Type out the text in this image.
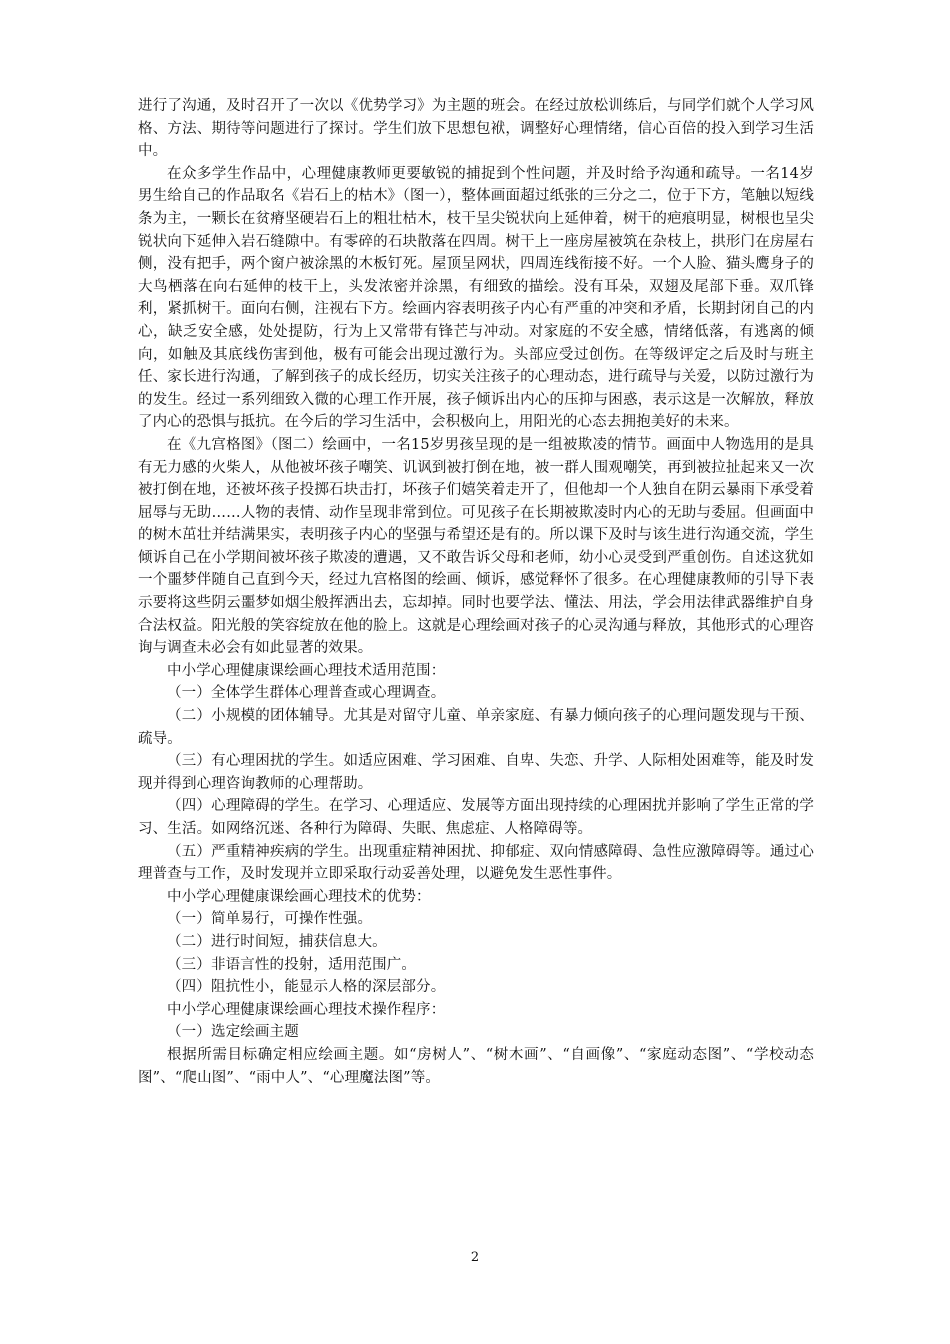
进行了沟通，及时召开了一次以《优势学习》为主题的班会。在经过放松训练后，与同学们就个人学习风格、方法、期待等问题进行了探讨。学生们放下思想包袱，调整好心理情绪，信心百倍的投入到学习生活中。

在众多学生作品中，心理健康教师更要敏锐的捕捉到个性问题，并及时给予沟通和疏导。一名14岁男生给自己的作品取名《岩石上的枯木》（图一），整体画面超过纸张的三分之二，位于下方，笔触以短线条为主，一颗长在贫瘠坚硬岩石上的粗壮枯木，枝干呈尖锐状向上延伸着，树干的疤痕明显，树根也呈尖锐状向下延伸入岩石缝隙中。有零碎的石块散落在四周。树干上一座房屋被筑在杂枝上，拱形门在房屋右侧，没有把手，两个窗户被涂黑的木板钉死。屋顶呈网状，四周连线衔接不好。一个人脸、猫头鹰身子的大鸟栖落在向右延伸的枝干上，头发浓密并涂黑，有细致的描绘。没有耳朵，双翅及尾部下垂。双爪锋利，紧抓树干。面向右侧，注视右下方。绘画内容表明孩子内心有严重的冲突和矛盾，长期封闭自己的内心，缺乏安全感，处处提防，行为上又常带有锋芒与冲动。对家庭的不安全感，情绪低落，有逃离的倾向，如触及其底线伤害到他，极有可能会出现过激行为。头部应受过创伤。在等级评定之后及时与班主任、家长进行沟通，了解到孩子的成长经历，切实关注孩子的心理动态，进行疏导与关爱，以防过激行为的发生。经过一系列细致入微的心理工作开展，孩子倾诉出内心的压抑与困惑，表示这是一次解放，释放了内心的恐惧与抵抗。在今后的学习生活中，会积极向上，用阳光的心态去拥抱美好的未来。

在《九宫格图》（图二）绘画中，一名15岁男孩呈现的是一组被欺凌的情节。画面中人物选用的是具有无力感的火柴人，从他被坏孩子嘲笑、讥讽到被打倒在地，被一群人围观嘲笑，再到被拉扯起来又一次被打倒在地，还被坏孩子投掷石块击打，坏孩子们嬉笑着走开了，但他却一个人独自在阴云暴雨下承受着屈辱与无助……人物的表情、动作呈现非常到位。可见孩子在长期被欺凌时内心的无助与委屈。但画面中的树木茁壮并结满果实，表明孩子内心的坚强与希望还是有的。所以课下及时与该生进行沟通交流，学生倾诉自己在小学期间被坏孩子欺凌的遭遇，又不敢告诉父母和老师，幼小心灵受到严重创伤。自述这犹如一个噩梦伴随自己直到今天，经过九宫格图的绘画、倾诉，感觉释怀了很多。在心理健康教师的引导下表示要将这些阴云噩梦如烟尘般挥洒出去，忘却掉。同时也要学法、懂法、用法，学会用法律武器维护自身合法权益。阳光般的笑容绽放在他的脸上。这就是心理绘画对孩子的心灵沟通与释放，其他形式的心理咨询与调查未必会有如此显著的效果。

中小学心理健康课绘画心理技术适用范围：

（一）全体学生群体心理普查或心理调查。

（二）小规模的团体辅导。尤其是对留守儿童、单亲家庭、有暴力倾向孩子的心理问题发现与干预、疏导。

（三）有心理困扰的学生。如适应困难、学习困难、自卑、失恋、升学、人际相处困难等，能及时发现并得到心理咨询教师的心理帮助。

（四）心理障碍的学生。在学习、心理适应、发展等方面出现持续的心理困扰并影响了学生正常的学习、生活。如网络沉迷、各种行为障碍、失眠、焦虑症、人格障碍等。

（五）严重精神疾病的学生。出现重症精神困扰、抑郁症、双向情感障碍、急性应激障碍等。通过心理普查与工作，及时发现并立即采取行动妥善处理，以避免发生恶性事件。

中小学心理健康课绘画心理技术的优势：

（一）简单易行，可操作性强。

（二）进行时间短，捕获信息大。

（三）非语言性的投射，适用范围广。

（四）阻抗性小，能显示人格的深层部分。

中小学心理健康课绘画心理技术操作程序：

（一）选定绘画主题

根据所需目标确定相应绘画主题。如“房树人”、“树木画”、“自画像”、“家庭动态图”、“学校动态图”、“爬山图”、“雨中人”、“心理魔法图”等。

2
